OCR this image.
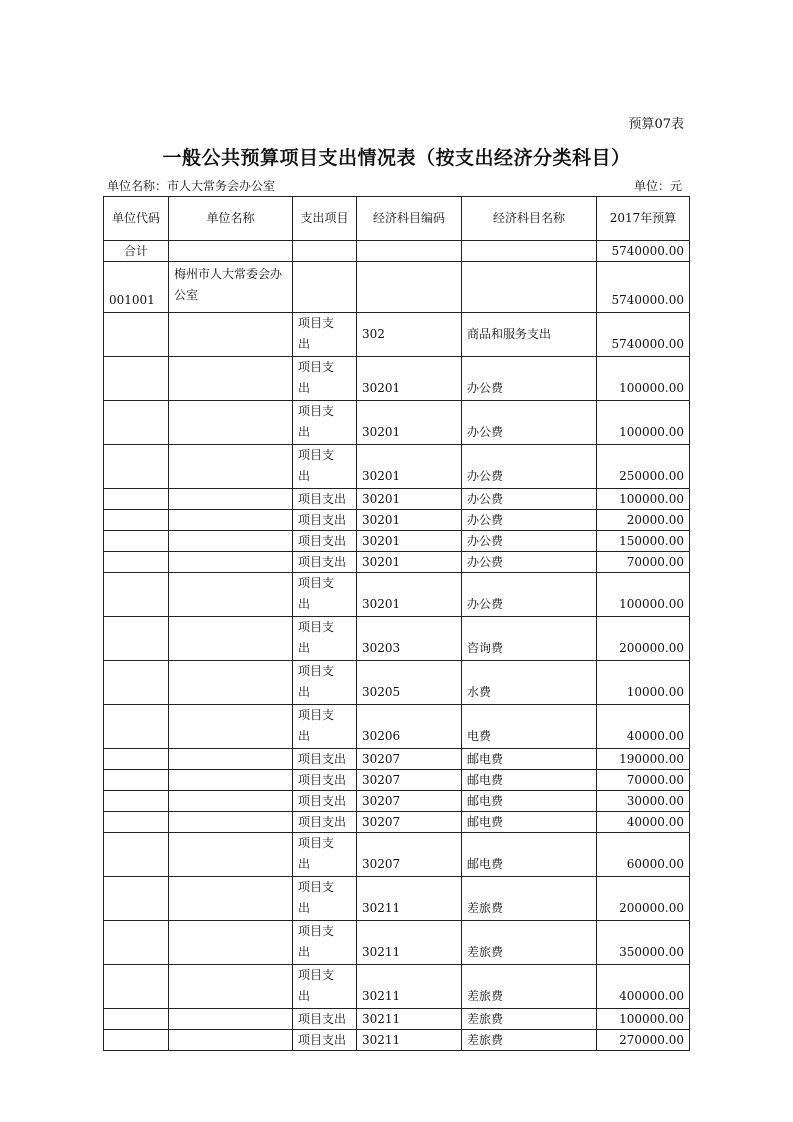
预算07表
一般公共预算项目支出情况表（按支出经济分类科目）
单位名称：市人大常务会办公室	单位：元
单位代码	单位名称	支出项目	经济科目编码	经济科目名称	2017年预算
合计					5740000.00
001001	梅州市人大常委会办公室				5740000.00

		项目支出	302	商品和服务支出	5740000.00

		项目支出	30201	办公费	100000.00

		项目支出	30201	办公费	100000.00

		项目支出	30201	办公费	250000.00
		项目支出	30201	办公费	100000.00
		项目支出	30201	办公费	20000.00
		项目支出	30201	办公费	150000.00
		项目支出	30201	办公费	70000.00

		项目支出	30201	办公费	100000.00

		项目支出	30203	咨询费	200000.00

		项目支出	30205	水费	10000.00

		项目支出	30206	电费	40000.00
		项目支出	30207	邮电费	190000.00
		项目支出	30207	邮电费	70000.00
		项目支出	30207	邮电费	30000.00
		项目支出	30207	邮电费	40000.00

		项目支出	30207	邮电费	60000.00

		项目支出	30211	差旅费	200000.00

		项目支出	30211	差旅费	350000.00

		项目支出	30211	差旅费	400000.00
		项目支出	30211	差旅费	100000.00
		项目支出	30211	差旅费	270000.00
